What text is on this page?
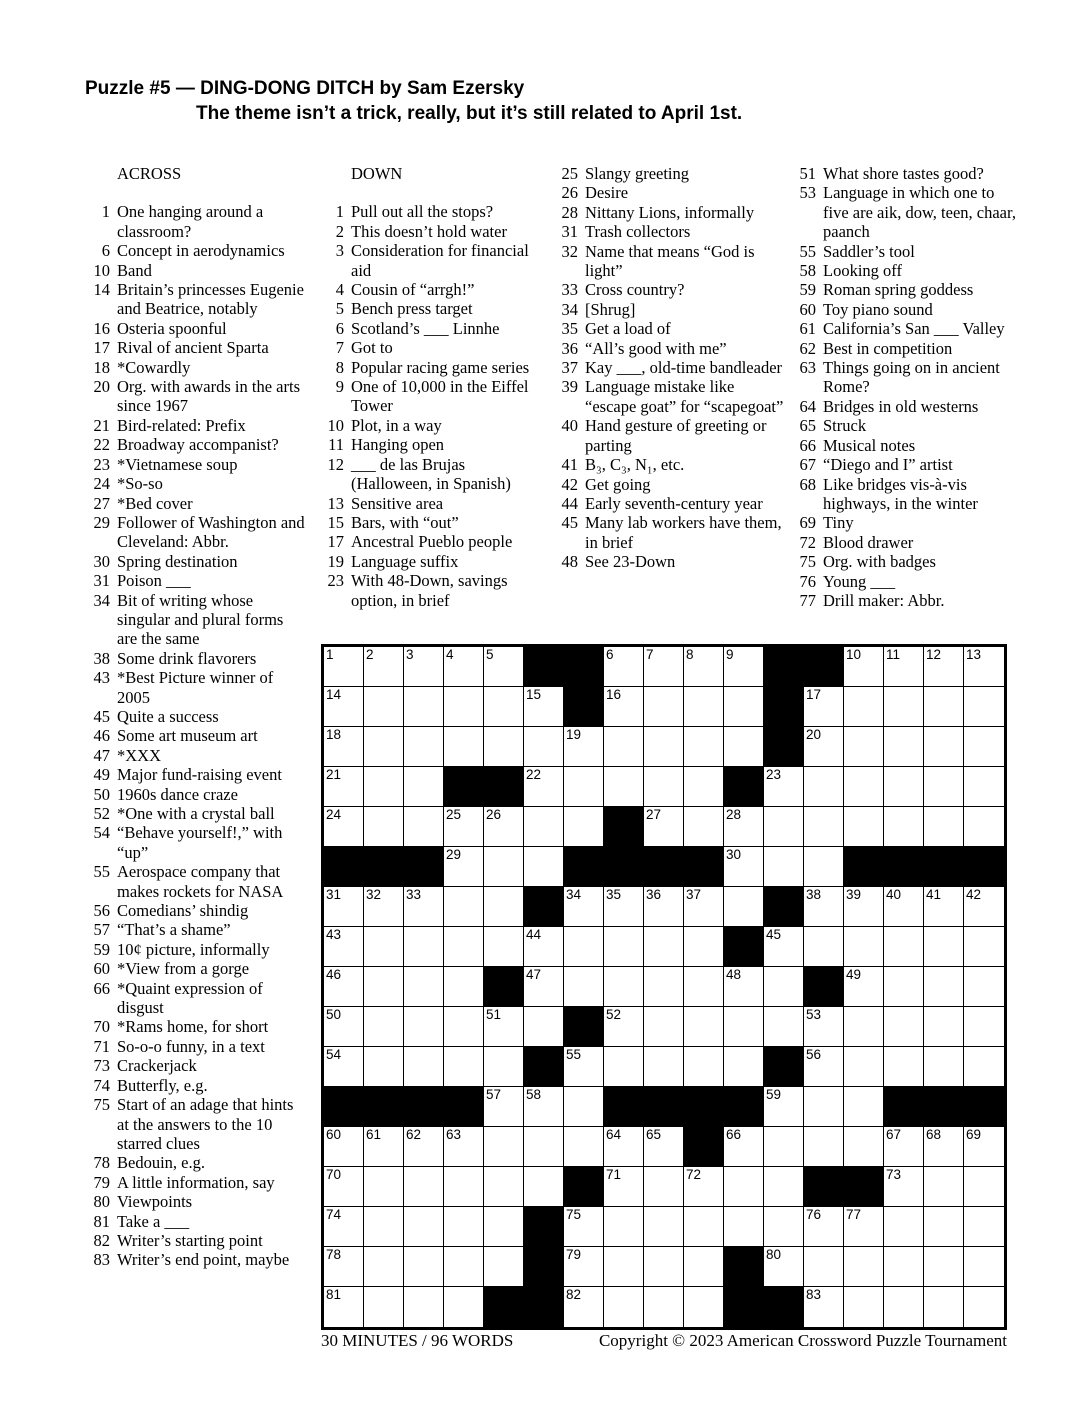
Puzzle #5 — DING-DONG DITCH by Sam Ezersky
The theme isn’t a trick, really, but it’s still related to April 1st.
ACROSS
1 One hanging around a classroom?
6 Concept in aerodynamics
10 Band
14 Britain’s princesses Eugenie and Beatrice, notably
16 Osteria spoonful
17 Rival of ancient Sparta
18 *Cowardly
20 Org. with awards in the arts since 1967
21 Bird-related: Prefix
22 Broadway accompanist?
23 *Vietnamese soup
24 *So-so
27 *Bed cover
29 Follower of Washington and Cleveland: Abbr.
30 Spring destination
31 Poison ___
34 Bit of writing whose singular and plural forms are the same
38 Some drink flavorers
43 *Best Picture winner of 2005
45 Quite a success
46 Some art museum art
47 *XXX
49 Major fund-raising event
50 1960s dance craze
52 *One with a crystal ball
54 “Behave yourself!,” with “up”
55 Aerospace company that makes rockets for NASA
56 Comedians’ shindig
57 “That’s a shame”
59 10¢ picture, informally
60 *View from a gorge
66 *Quaint expression of disgust
70 *Rams home, for short
71 So-o-o funny, in a text
73 Crackerjack
74 Butterfly, e.g.
75 Start of an adage that hints at the answers to the 10 starred clues
78 Bedouin, e.g.
79 A little information, say
80 Viewpoints
81 Take a ___
82 Writer’s starting point
83 Writer’s end point, maybe
DOWN
1 Pull out all the stops?
2 This doesn’t hold water
3 Consideration for financial aid
4 Cousin of “arrgh!”
5 Bench press target
6 Scotland’s ___ Linnhe
7 Got to
8 Popular racing game series
9 One of 10,000 in the Eiffel Tower
10 Plot, in a way
11 Hanging open
12 ___ de las Brujas (Halloween, in Spanish)
13 Sensitive area
15 Bars, with “out”
17 Ancestral Pueblo people
19 Language suffix
23 With 48-Down, savings option, in brief
25 Slangy greeting
26 Desire
28 Nittany Lions, informally
31 Trash collectors
32 Name that means “God is light”
33 Cross country?
34 [Shrug]
35 Get a load of
36 “All’s good with me”
37 Kay ___, old-time bandleader
39 Language mistake like “escape goat” for “scapegoat”
40 Hand gesture of greeting or parting
41 B₃, C₃, N₁, etc.
42 Get going
44 Early seventh-century year
45 Many lab workers have them, in brief
48 See 23-Down
51 What shore tastes good?
53 Language in which one to five are aik, dow, teen, chaar, paanch
55 Saddler’s tool
58 Looking off
59 Roman spring goddess
60 Toy piano sound
61 California’s San ___ Valley
62 Best in competition
63 Things going on in ancient Rome?
64 Bridges in old westerns
65 Struck
66 Musical notes
67 “Diego and I” artist
68 Like bridges vis-à-vis highways, in the winter
69 Tiny
72 Blood drawer
75 Org. with badges
76 Young ___
77 Drill maker: Abbr.
1 2 3 4 5	6 7 8 9	10 11 12 13
14	15	16	17
18	19	20
21	22	23
24	25 26	27	28
29	30
31 32 33	34 35 36 37	38 39 40 41 42
43	44	45
46	47	48	49
50	51	52	53
54	55	56
57 58	59
60 61 62 63	64 65	66	67 68 69
70	71	72	73
74	75	76 77
78	79	80
81	82	83
30 MINUTES / 96 WORDS	Copyright © 2023 American Crossword Puzzle Tournament
